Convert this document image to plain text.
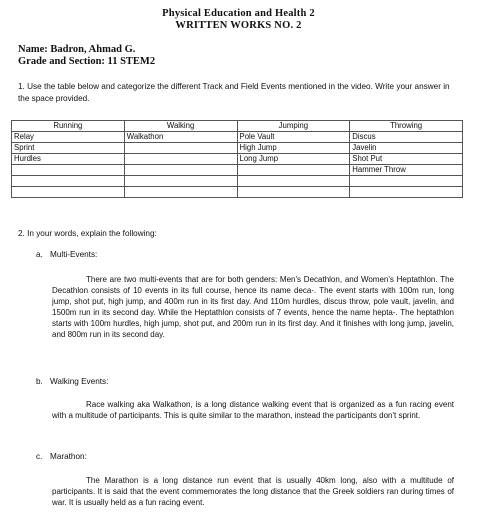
Physical Education and Health 2
WRITTEN WORKS NO. 2
Name: Badron, Ahmad G.
Grade and Section: 11 STEM2
1. Use the table below and categorize the different Track and Field Events mentioned in the video. Write your answer in the space provided.
Running	Walking	Jumping	Throwing
Relay	Walkathon	Pole Vault	Discus
Sprint		High Jump	Javelin
Hurdles		Long Jump	Shot Put
			Hammer Throw

2. In your words, explain the following:
a. Multi-Events:
There are two multi-events that are for both genders: Men's Decathlon, and Women's Heptathlon. The Decathlon consists of 10 events in its full course, hence its name deca-. The event starts with 100m run, long jump, shot put, high jump, and 400m run in its first day. And 110m hurdles, discus throw, pole vault, javelin, and 1500m run in its second day. While the Heptathlon consists of 7 events, hence the name hepta-. The heptathlon starts with 100m hurdles, high jump, shot put, and 200m run in its first day. And it finishes with long jump, javelin, and 800m run in its second day.
b. Walking Events:
Race walking aka Walkathon, is a long distance walking event that is organized as a fun racing event with a multitude of participants. This is quite similar to the marathon, instead the participants don't sprint.
c. Marathon:
The Marathon is a long distance run event that is usually 40km long, also with a multitude of participants. It is said that the event commemorates the long distance that the Greek soldiers ran during times of war. It is usually held as a fun racing event.
